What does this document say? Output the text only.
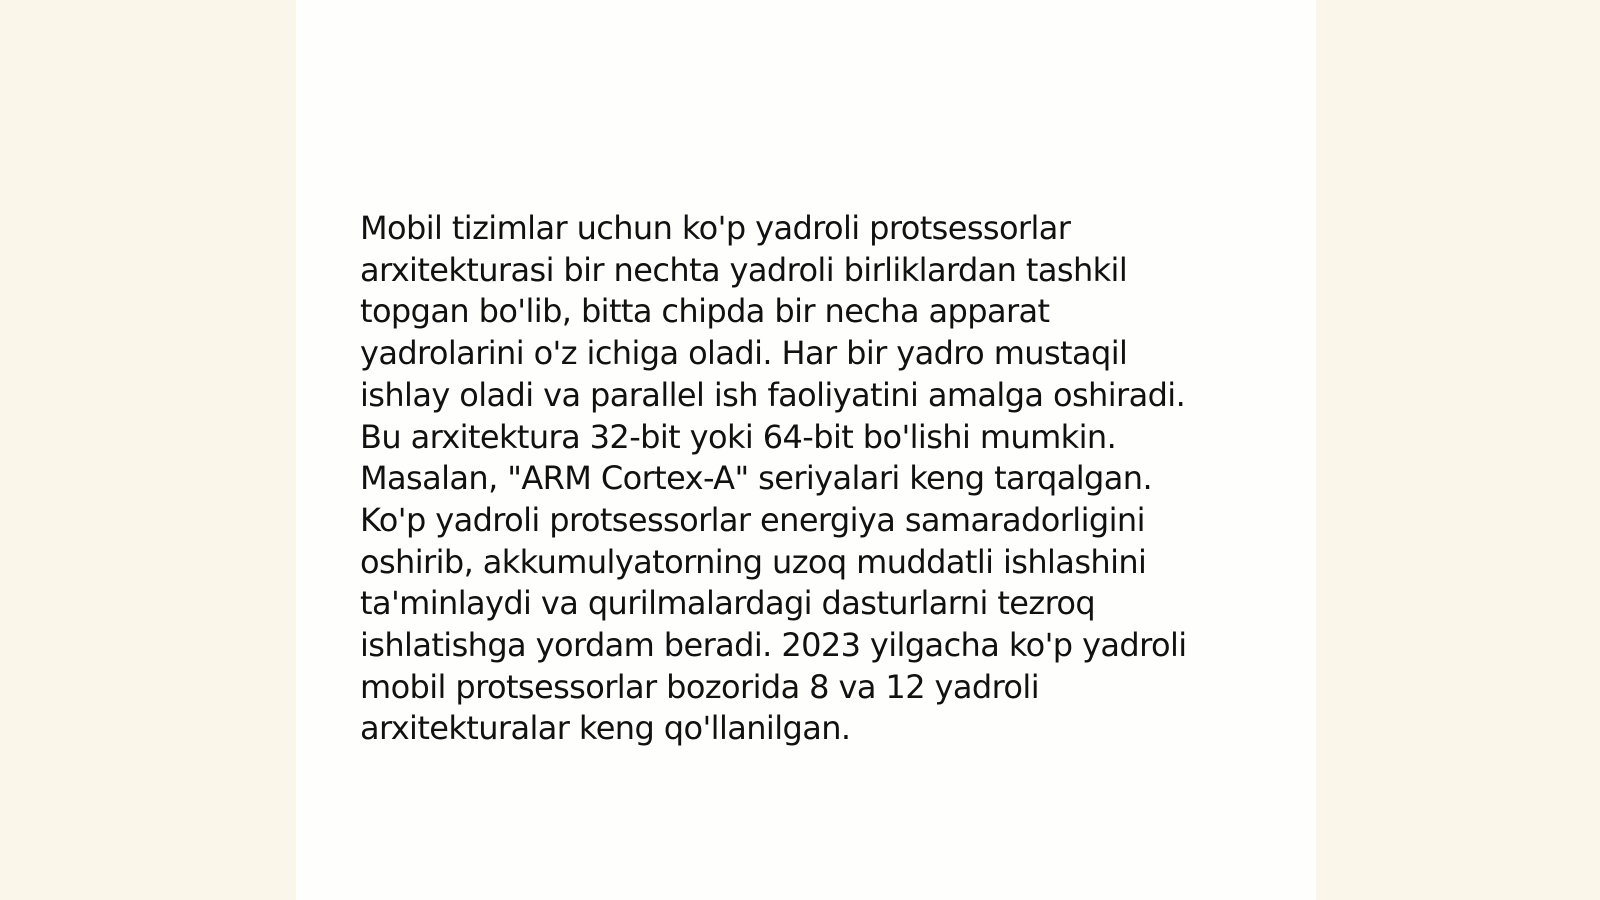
Mobil tizimlar uchun ko'p yadroli protsessorlar
arxitekturasi bir nechta yadroli birliklardan tashkil
topgan bo'lib, bitta chipda bir necha apparat
yadrolarini o'z ichiga oladi. Har bir yadro mustaqil
ishlay oladi va parallel ish faoliyatini amalga oshiradi.
Bu arxitektura 32-bit yoki 64-bit bo'lishi mumkin.
Masalan, "ARM Cortex-A" seriyalari keng tarqalgan.
Ko'p yadroli protsessorlar energiya samaradorligini
oshirib, akkumulyatorning uzoq muddatli ishlashini
ta'minlaydi va qurilmalardagi dasturlarni tezroq
ishlatishga yordam beradi. 2023 yilgacha ko'p yadroli
mobil protsessorlar bozorida 8 va 12 yadroli
arxitekturalar keng qo'llanilgan.
